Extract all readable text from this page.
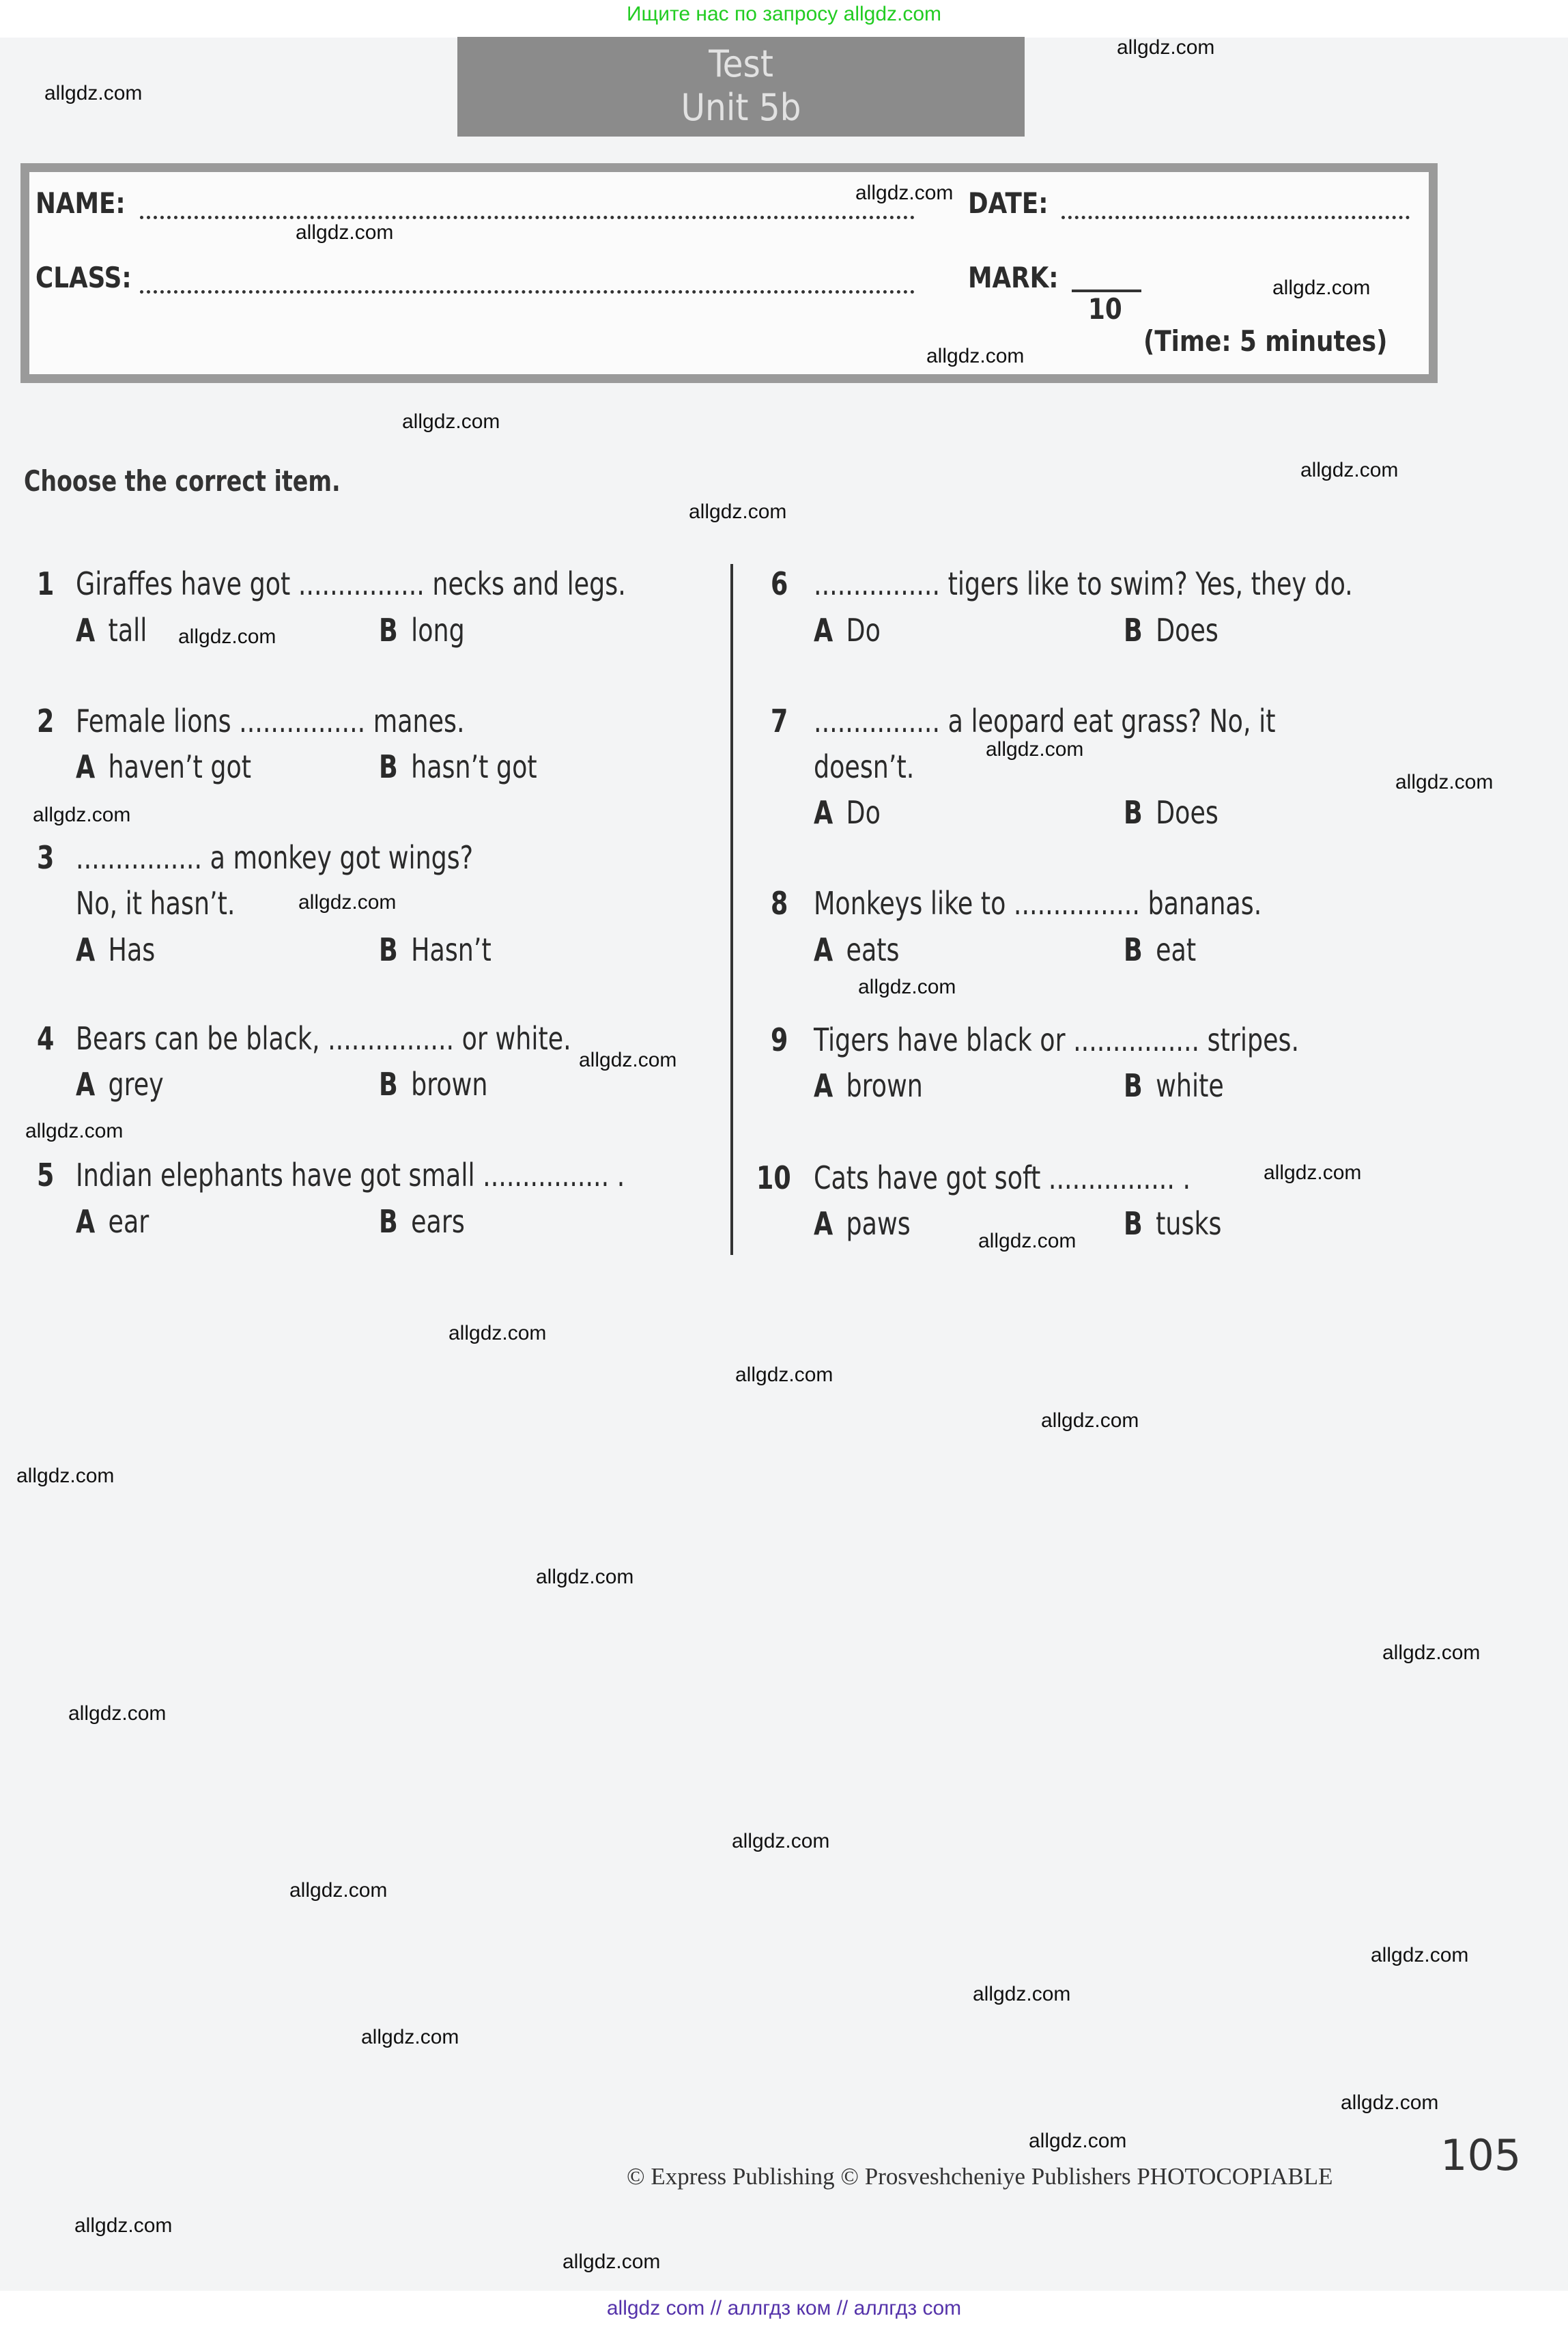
Ищите нас по запросу allgdz.com
Test
Unit 5b
NAME:	DATE:
CLASS:	MARK:
10
(Time: 5 minutes)
Choose the correct item.
1 Giraffes have got ................ necks and legs.
A tall	B long
2 Female lions ................ manes.
A haven’t got	B hasn’t got
3 ................ a monkey got wings?
No, it hasn’t.
A Has	B Hasn’t
4 Bears can be black, ................ or white.
A grey	B brown
5 Indian elephants have got small ................ .
A ear	B ears
6 ................ tigers like to swim? Yes, they do.
A Do	B Does
7 ................ a leopard eat grass? No, it
doesn’t.
A Do	B Does
8 Monkeys like to ................ bananas.
A eats	B eat
9 Tigers have black or ................ stripes.
A brown	B white
10 Cats have got soft ................ .
A paws	B tusks
allgdz.com
allgdz.com
allgdz.com
allgdz.com
allgdz.com
allgdz.com
allgdz.com
allgdz.com
allgdz.com
allgdz.com
allgdz.com
allgdz.com
allgdz.com
allgdz.com
allgdz.com
allgdz.com
allgdz.com
allgdz.com
allgdz.com
allgdz.com
allgdz.com
allgdz.com
allgdz.com
allgdz.com
allgdz.com
allgdz.com
allgdz.com
allgdz.com
allgdz.com
allgdz.com
allgdz.com
allgdz.com
allgdz.com
allgdz.com
allgdz.com
© Express Publishing © Prosveshcheniye Publishers PHOTOCOPIABLE	105
allgdz com // аллгдз ком // аллгдз com
